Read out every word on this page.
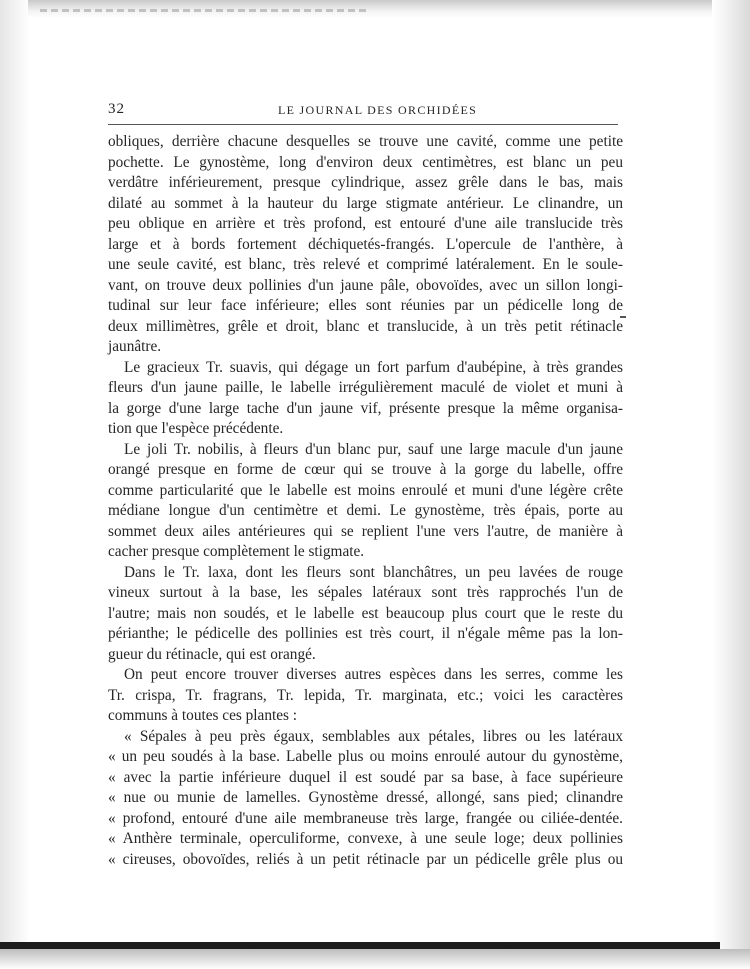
32	LE JOURNAL DES ORCHIDÉES
obliques, derrière chacune desquelles se trouve une cavité, comme une petite
pochette. Le gynostème, long d'environ deux centimètres, est blanc un peu
verdâtre inférieurement, presque cylindrique, assez grêle dans le bas, mais
dilaté au sommet à la hauteur du large stigmate antérieur. Le clinandre, un
peu oblique en arrière et très profond, est entouré d'une aile translucide très
large et à bords fortement déchiquetés-frangés. L'opercule de l'anthère, à
une seule cavité, est blanc, très relevé et comprimé latéralement. En le soule-
vant, on trouve deux pollinies d'un jaune pâle, obovoïdes, avec un sillon longi-
tudinal sur leur face inférieure; elles sont réunies par un pédicelle long de
deux millimètres, grêle et droit, blanc et translucide, à un très petit rétinacle
jaunâtre.
Le gracieux Tr. suavis, qui dégage un fort parfum d'aubépine, à très grandes
fleurs d'un jaune paille, le labelle irrégulièrement maculé de violet et muni à
la gorge d'une large tache d'un jaune vif, présente presque la même organisa-
tion que l'espèce précédente.
Le joli Tr. nobilis, à fleurs d'un blanc pur, sauf une large macule d'un jaune
orangé presque en forme de cœur qui se trouve à la gorge du labelle, offre
comme particularité que le labelle est moins enroulé et muni d'une légère crête
médiane longue d'un centimètre et demi. Le gynostème, très épais, porte au
sommet deux ailes antérieures qui se replient l'une vers l'autre, de manière à
cacher presque complètement le stigmate.
Dans le Tr. laxa, dont les fleurs sont blanchâtres, un peu lavées de rouge
vineux surtout à la base, les sépales latéraux sont très rapprochés l'un de
l'autre; mais non soudés, et le labelle est beaucoup plus court que le reste du
périanthe; le pédicelle des pollinies est très court, il n'égale même pas la lon-
gueur du rétinacle, qui est orangé.
On peut encore trouver diverses autres espèces dans les serres, comme les
Tr. crispa, Tr. fragrans, Tr. lepida, Tr. marginata, etc.; voici les caractères
communs à toutes ces plantes :
« Sépales à peu près égaux, semblables aux pétales, libres ou les latéraux
« un peu soudés à la base. Labelle plus ou moins enroulé autour du gynostème,
« avec la partie inférieure duquel il est soudé par sa base, à face supérieure
« nue ou munie de lamelles. Gynostème dressé, allongé, sans pied; clinandre
« profond, entouré d'une aile membraneuse très large, frangée ou ciliée-dentée.
« Anthère terminale, operculiforme, convexe, à une seule loge; deux pollinies
« cireuses, obovoïdes, reliés à un petit rétinacle par un pédicelle grêle plus ou
